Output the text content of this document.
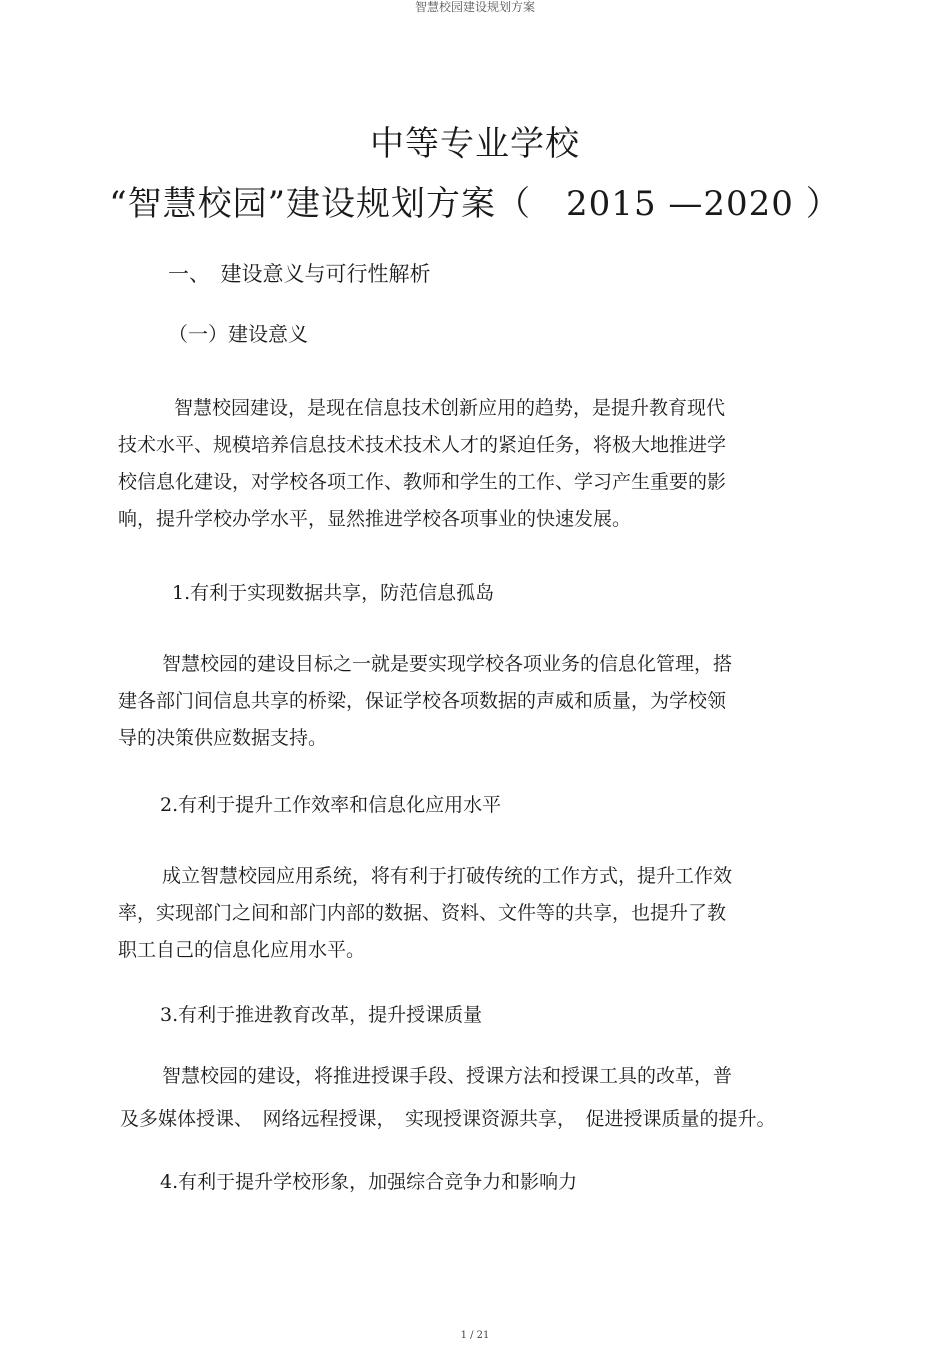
智慧校园建设规划方案
中等专业学校
“智慧校园”建设规划方案（　2015 —2020 ）
一、　建设意义与可行性解析
（一）建设意义
智慧校园建设，是现在信息技术创新应用的趋势，是提升教育现代
技术水平、规模培养信息技术技术技术人才的紧迫任务，将极大地推进学
校信息化建设，对学校各项工作、教师和学生的工作、学习产生重要的影
响，提升学校办学水平，显然推进学校各项事业的快速发展。
1.有利于实现数据共享，防范信息孤岛
智慧校园的建设目标之一就是要实现学校各项业务的信息化管理，搭
建各部门间信息共享的桥梁，保证学校各项数据的声威和质量，为学校领
导的决策供应数据支持。
2.有利于提升工作效率和信息化应用水平
成立智慧校园应用系统，将有利于打破传统的工作方式，提升工作效
率，实现部门之间和部门内部的数据、资料、文件等的共享，也提升了教
职工自己的信息化应用水平。
3.有利于推进教育改革，提升授课质量
智慧校园的建设，将推进授课手段、授课方法和授课工具的改革，普
及多媒体授课、　网络远程授课，　实现授课资源共享，　促进授课质量的提升。
4.有利于提升学校形象，加强综合竞争力和影响力
1 / 21
